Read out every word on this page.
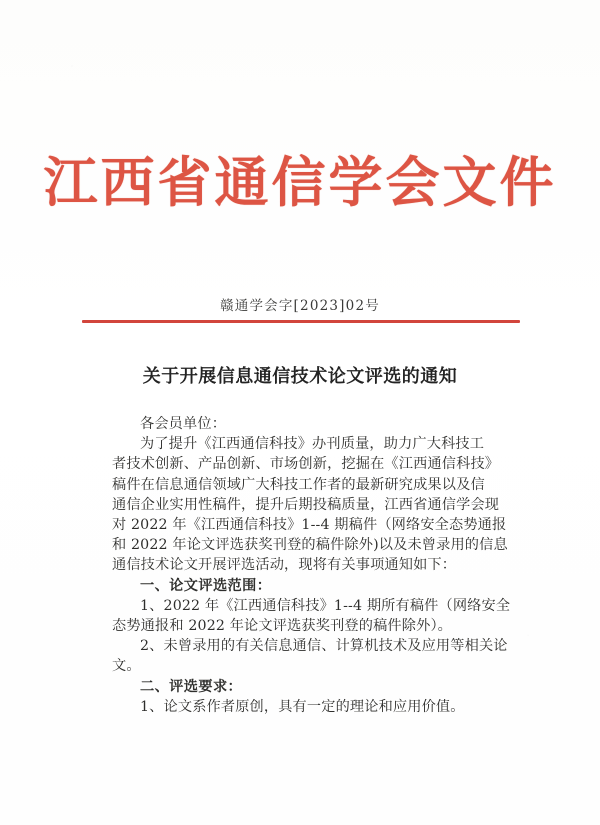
江西省通信学会文件
赣通学会字[2023]02号
关于开展信息通信技术论文评选的通知

各会员单位：

为了提升《江西通信科技》办刊质量，助力广大科技工

者技术创新、产品创新、市场创新，挖掘在《江西通信科技》

稿件在信息通信领域广大科技工作者的最新研究成果以及信

通信企业实用性稿件，提升后期投稿质量，江西省通信学会现

对 2022 年《江西通信科技》1--4 期稿件（网络安全态势通报

和 2022 年论文评选获奖刊登的稿件除外)以及未曾录用的信息

通信技术论文开展评选活动，现将有关事项通知如下：

一、论文评选范围：

1、2022 年《江西通信科技》1--4 期所有稿件（网络安全

态势通报和 2022 年论文评选获奖刊登的稿件除外）。

2、未曾录用的有关信息通信、计算机技术及应用等相关论

文。

二、评选要求：

1、论文系作者原创，具有一定的理论和应用价值。
